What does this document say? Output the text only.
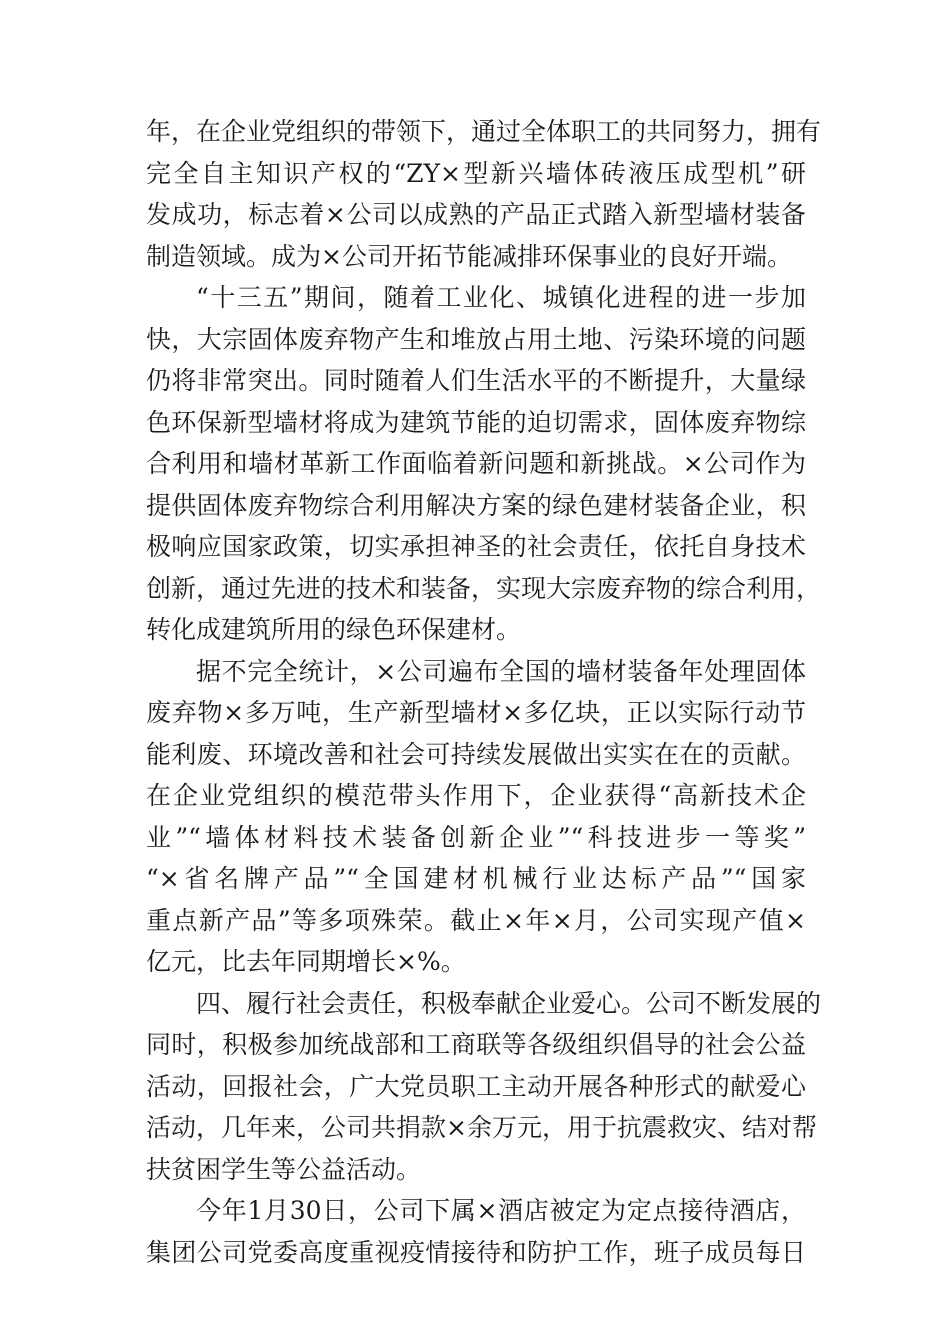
年，在企业党组织的带领下，通过全体职工的共同努力，拥有
完全自主知识产权的“ZY×型新兴墙体砖液压成型机”研
发成功，标志着×公司以成熟的产品正式踏入新型墙材装备
制造领域。成为×公司开拓节能减排环保事业的良好开端。
“十三五”期间，随着工业化、城镇化进程的进一步加
快，大宗固体废弃物产生和堆放占用土地、污染环境的问题
仍将非常突出。同时随着人们生活水平的不断提升，大量绿
色环保新型墙材将成为建筑节能的迫切需求，固体废弃物综
合利用和墙材革新工作面临着新问题和新挑战。×公司作为
提供固体废弃物综合利用解决方案的绿色建材装备企业，积
极响应国家政策，切实承担神圣的社会责任，依托自身技术
创新，通过先进的技术和装备，实现大宗废弃物的综合利用，
转化成建筑所用的绿色环保建材。
据不完全统计，×公司遍布全国的墙材装备年处理固体
废弃物×多万吨，生产新型墙材×多亿块，正以实际行动节
能利废、环境改善和社会可持续发展做出实实在在的贡献。
在企业党组织的模范带头作用下，企业获得“高新技术企
业”“墙体材料技术装备创新企业”“科技进步一等奖”
“×省名牌产品”“全国建材机械行业达标产品”“国家
重点新产品”等多项殊荣。截止×年×月，公司实现产值×
亿元，比去年同期增长×%。
四、履行社会责任，积极奉献企业爱心。公司不断发展的
同时，积极参加统战部和工商联等各级组织倡导的社会公益
活动，回报社会，广大党员职工主动开展各种形式的献爱心
活动，几年来，公司共捐款×余万元，用于抗震救灾、结对帮
扶贫困学生等公益活动。
今年1月30日，公司下属×酒店被定为定点接待酒店，
集团公司党委高度重视疫情接待和防护工作，班子成员每日
